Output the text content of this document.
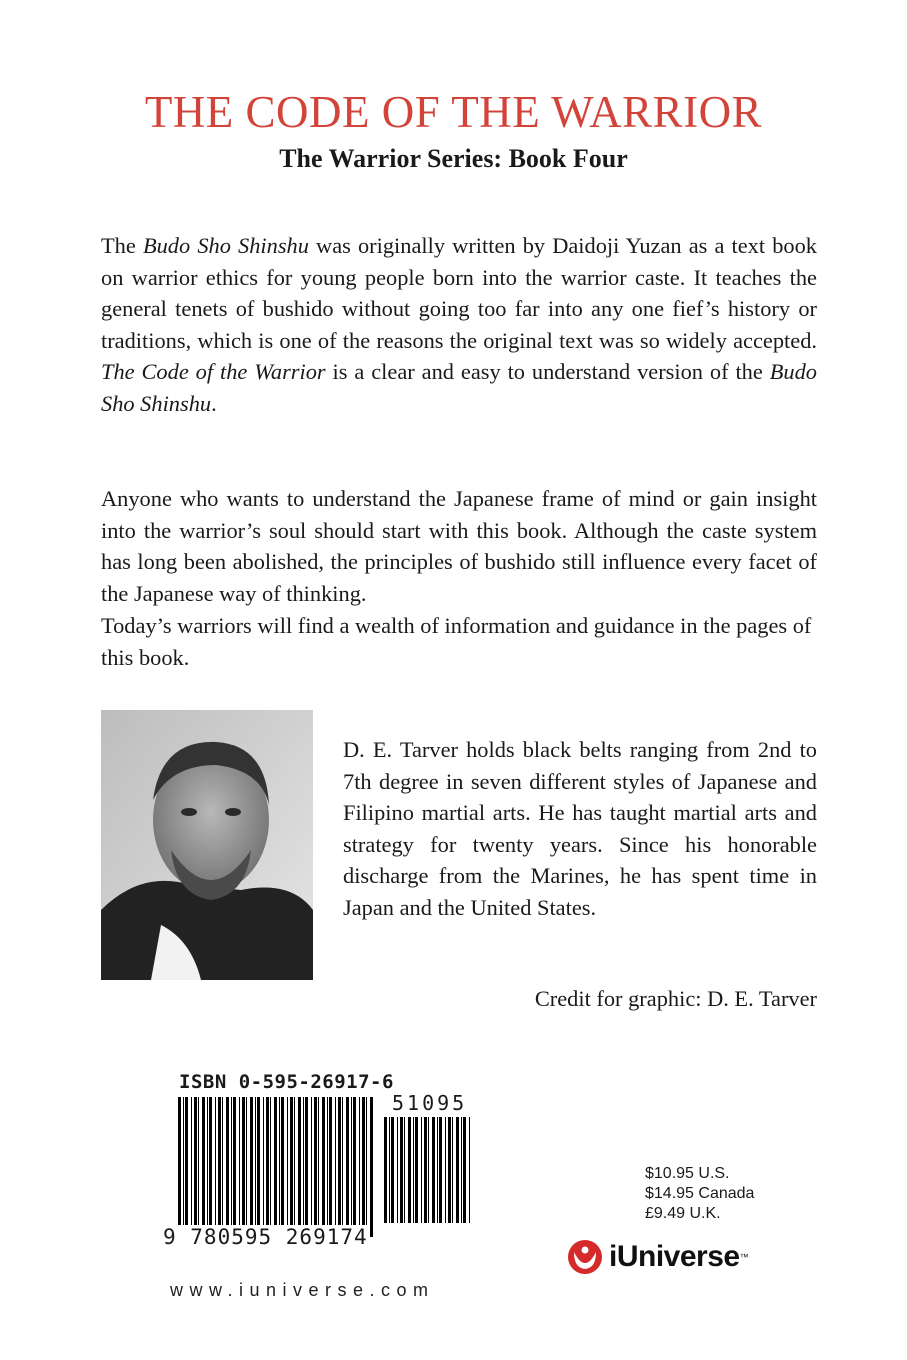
THE CODE OF THE WARRIOR
The Warrior Series: Book Four

The Budo Sho Shinshu was originally written by Daidoji Yuzan as a text book on warrior ethics for young people born into the warrior caste. It teaches the general tenets of bushido without going too far into any one fief’s history or traditions, which is one of the reasons the original text was so widely accepted. The Code of the Warrior is a clear and easy to understand version of the Budo Sho Shinshu.

Anyone who wants to understand the Japanese frame of mind or gain insight into the warrior’s soul should start with this book. Although the caste system has long been abolished, the principles of bushido still influence every facet of the Japanese way of thinking.

Today’s warriors will find a wealth of information and guidance in the pages of this book.

D. E. Tarver holds black belts ranging from 2nd to 7th degree in seven different styles of Japanese and Filipino martial arts. He has taught martial arts and strategy for twenty years. Since his honorable discharge from the Marines, he has spent time in Japan and the United States.

Credit for graphic: D. E. Tarver

ISBN 0-595-26917-6
51095
9 780595 269174
$10.95 U.S.
$14.95 Canada
£9.49 U.K.
iUniverse ™
www.iuniverse.com
